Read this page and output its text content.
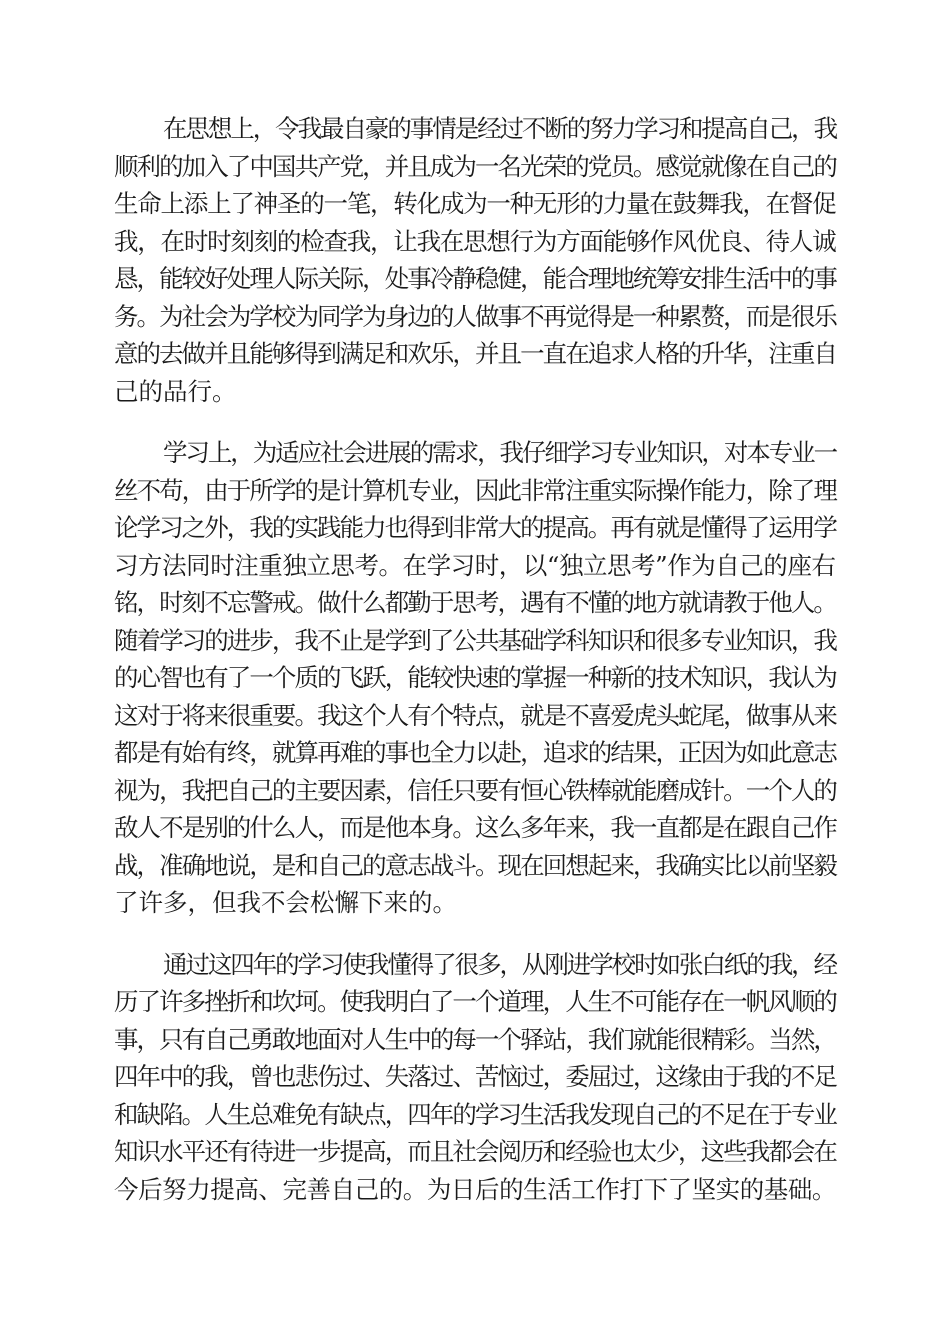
在思想上，令我最自豪的事情是经过不断的努力学习和提高自己，我
顺利的加入了中国共产党，并且成为一名光荣的党员。感觉就像在自己的
生命上添上了神圣的一笔，转化成为一种无形的力量在鼓舞我，在督促
我，在时时刻刻的检查我，让我在思想行为方面能够作风优良、待人诚
恳，能较好处理人际关际，处事冷静稳健，能合理地统筹安排生活中的事
务。为社会为学校为同学为身边的人做事不再觉得是一种累赘，而是很乐
意的去做并且能够得到满足和欢乐，并且一直在追求人格的升华，注重自
己的品行。
学习上，为适应社会进展的需求，我仔细学习专业知识，对本专业一
丝不苟，由于所学的是计算机专业，因此非常注重实际操作能力，除了理
论学习之外，我的实践能力也得到非常大的提高。再有就是懂得了运用学
习方法同时注重独立思考。在学习时，以“独立思考”作为自己的座右
铭，时刻不忘警戒。做什么都勤于思考，遇有不懂的地方就请教于他人。
随着学习的进步，我不止是学到了公共基础学科知识和很多专业知识，我
的心智也有了一个质的飞跃，能较快速的掌握一种新的技术知识，我认为
这对于将来很重要。我这个人有个特点，就是不喜爱虎头蛇尾，做事从来
都是有始有终，就算再难的事也全力以赴，追求的结果，正因为如此意志
视为，我把自己的主要因素，信任只要有恒心铁棒就能磨成针。一个人的
敌人不是别的什么人，而是他本身。这么多年来，我一直都是在跟自己作
战，准确地说，是和自己的意志战斗。现在回想起来，我确实比以前坚毅
了许多，但我不会松懈下来的。
通过这四年的学习使我懂得了很多，从刚进学校时如张白纸的我，经
历了许多挫折和坎坷。使我明白了一个道理，人生不可能存在一帆风顺的
事，只有自己勇敢地面对人生中的每一个驿站，我们就能很精彩。当然，
四年中的我，曾也悲伤过、失落过、苦恼过，委屈过，这缘由于我的不足
和缺陷。人生总难免有缺点，四年的学习生活我发现自己的不足在于专业
知识水平还有待进一步提高，而且社会阅历和经验也太少，这些我都会在
今后努力提高、完善自己的。为日后的生活工作打下了坚实的基础。
